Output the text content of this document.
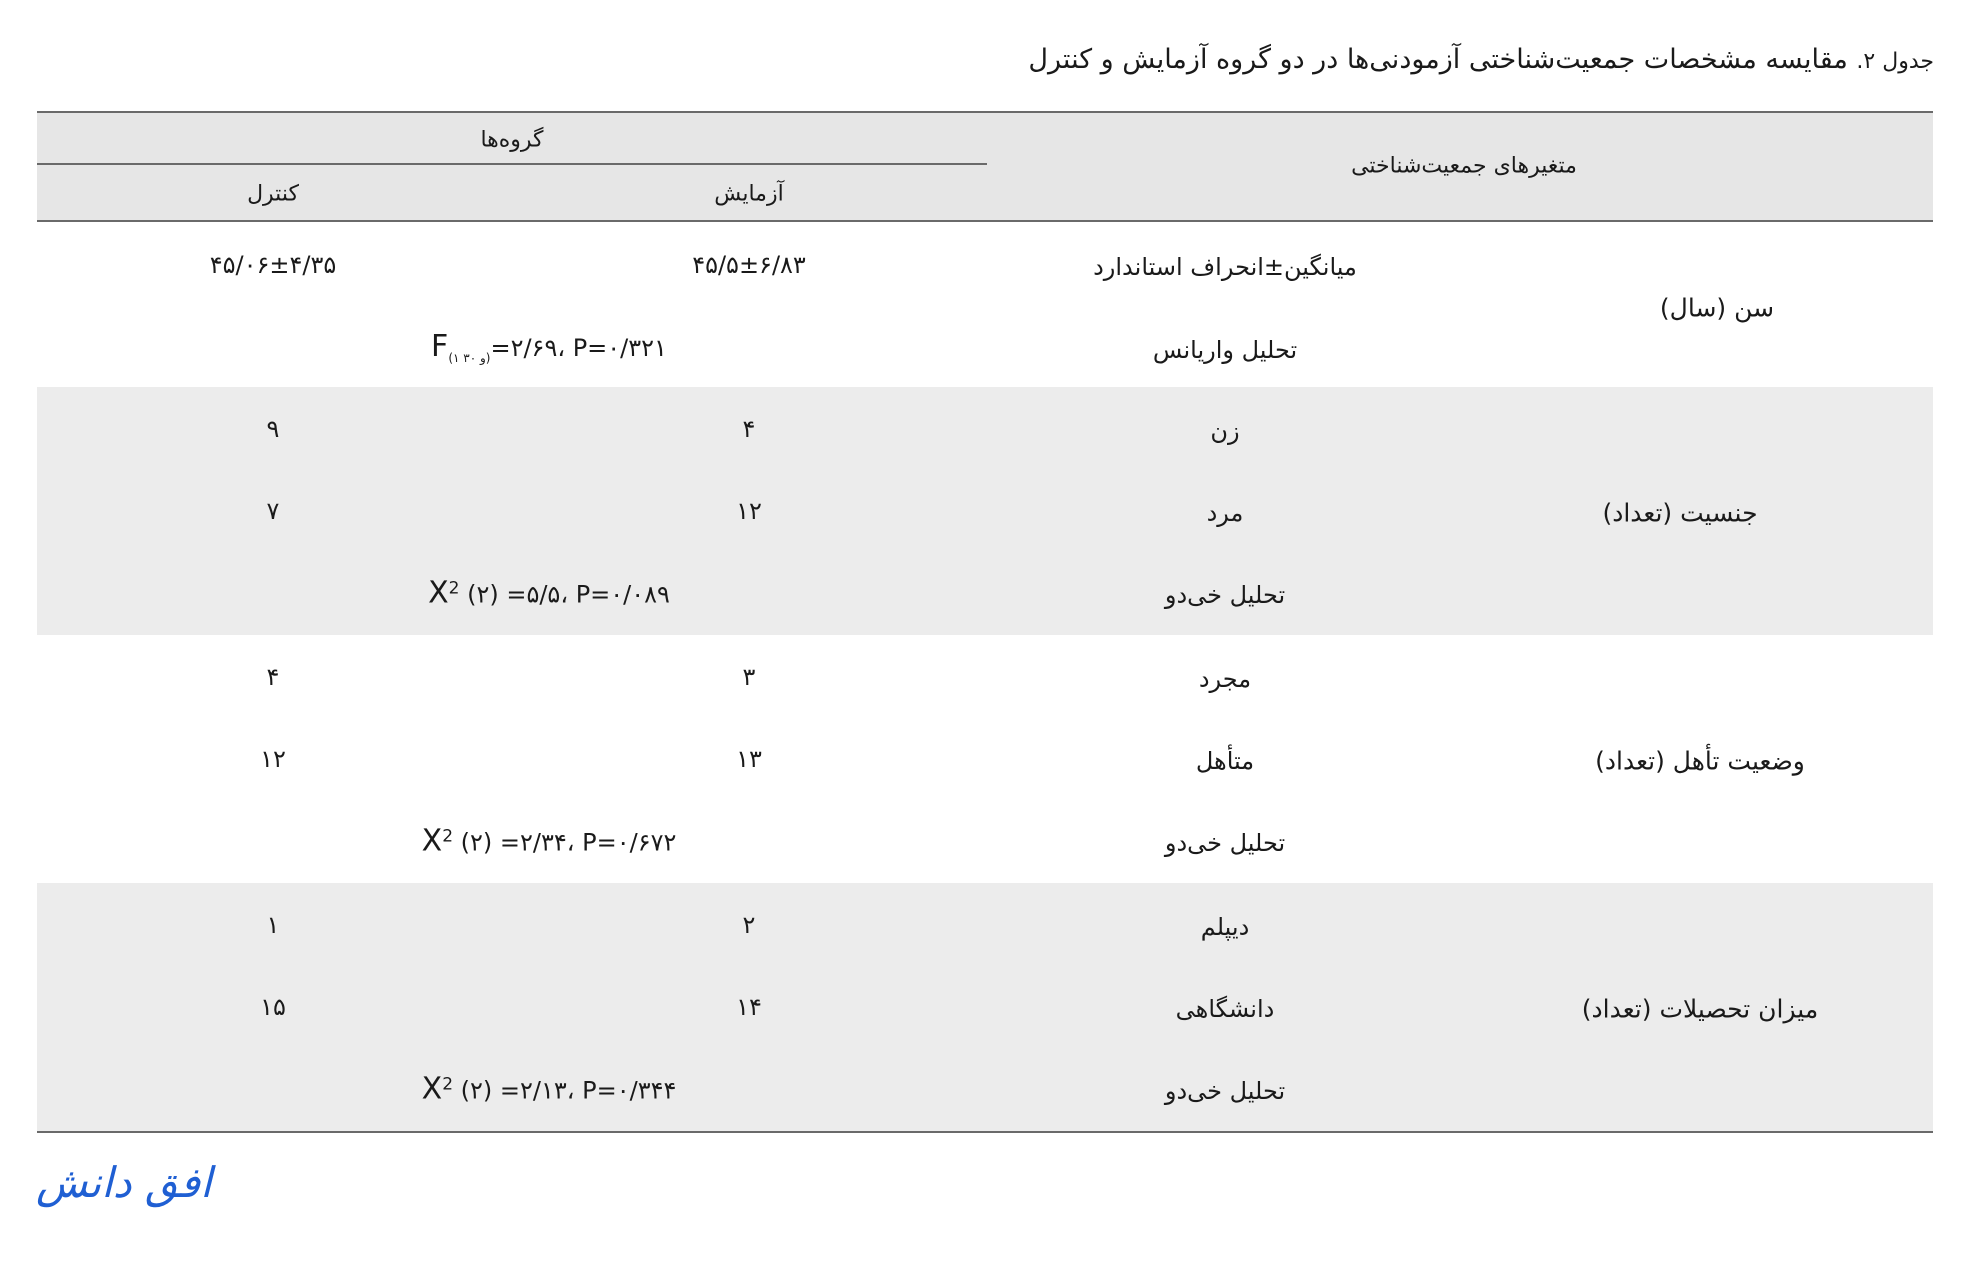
جدول ۲. مقایسه مشخصات جمعیت‌شناختی آزمودنی‌ها در دو گروه آزمایش و کنترل
متغیرهای جمعیت‌شناختی
گروه‌ها
آزمایش
کنترل
سن (سال)
میانگین±انحراف استاندارد
۴۵/۵±۶/۸۳
۴۵/۰۶±۴/۳۵
تحلیل واریانس
$F_{(۱ و ۳۰)}=۲/۶۹،$ P=۰/۳۲۱
جنسیت (تعداد)
زن
۴
۹
مرد
۱۲
۷
تحلیل خی‌دو
$X^2$ (۲) =۵/۵، P=۰/۰۸۹
وضعیت تأهل (تعداد)
مجرد
۳
۴
متأهل
۱۳
۱۲
تحلیل خی‌دو
$X^2$ (۲) =۲/۳۴، P=۰/۶۷۲
میزان تحصیلات (تعداد)
دیپلم
۲
۱
دانشگاهی
۱۴
۱۵
تحلیل خی‌دو
$X^2$ (۲) =۲/۱۳، P=۰/۳۴۴
افق دانش
